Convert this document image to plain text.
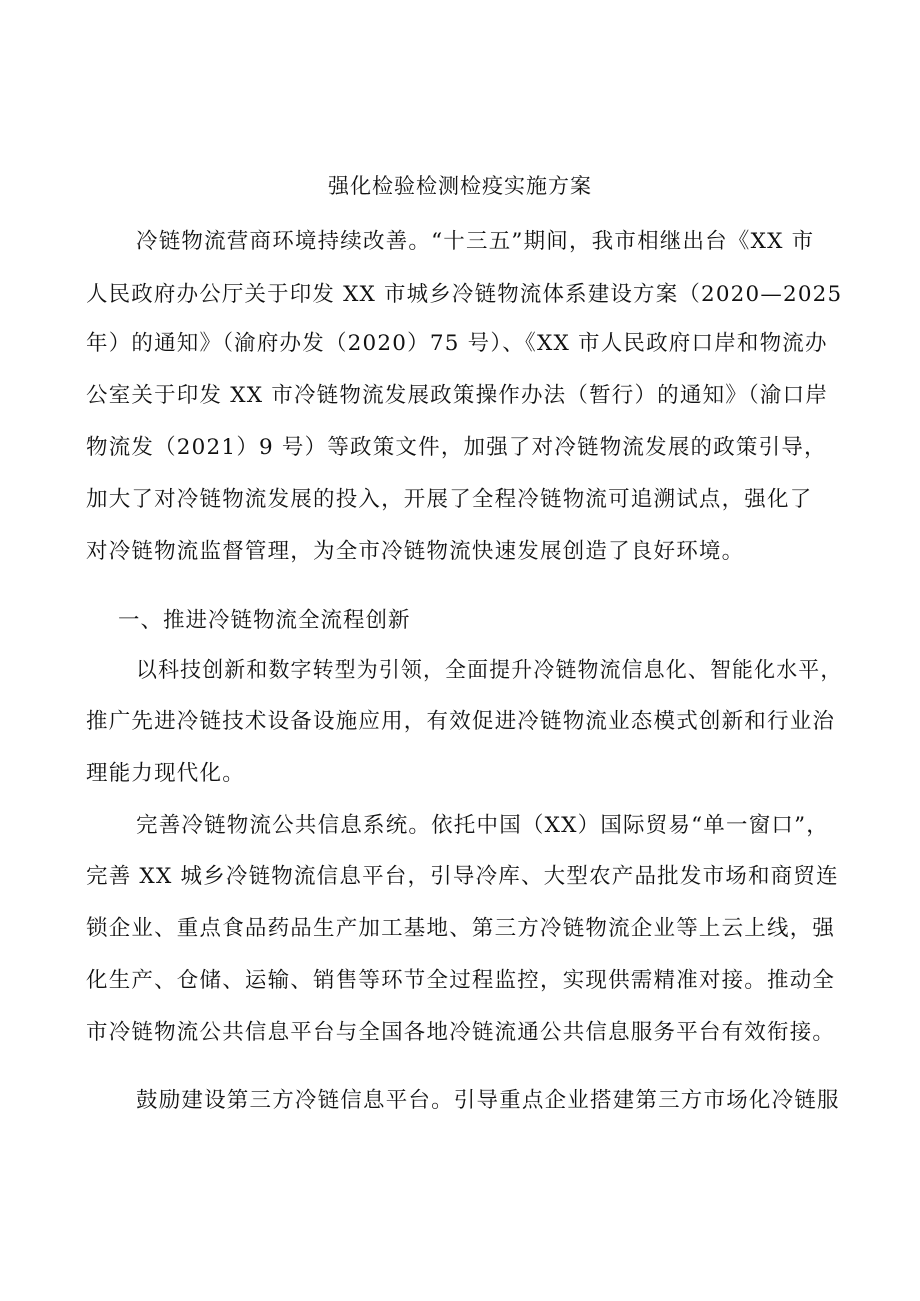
强化检验检测检疫实施方案
冷链物流营商环境持续改善。“十三五”期间，我市相继出台《XX 市
人民政府办公厅关于印发 XX 市城乡冷链物流体系建设方案（2020—2025
年）的通知》（渝府办发（2020）75 号）、《XX 市人民政府口岸和物流办
公室关于印发 XX 市冷链物流发展政策操作办法（暂行）的通知》（渝口岸
物流发（2021）9 号）等政策文件，加强了对冷链物流发展的政策引导，
加大了对冷链物流发展的投入，开展了全程冷链物流可追溯试点，强化了
对冷链物流监督管理，为全市冷链物流快速发展创造了良好环境。
一、推进冷链物流全流程创新
以科技创新和数字转型为引领，全面提升冷链物流信息化、智能化水平，
推广先进冷链技术设备设施应用，有效促进冷链物流业态模式创新和行业治
理能力现代化。
完善冷链物流公共信息系统。依托中国（XX）国际贸易“单一窗口”，
完善 XX 城乡冷链物流信息平台，引导冷库、大型农产品批发市场和商贸连
锁企业、重点食品药品生产加工基地、第三方冷链物流企业等上云上线，强
化生产、仓储、运输、销售等环节全过程监控，实现供需精准对接。推动全
市冷链物流公共信息平台与全国各地冷链流通公共信息服务平台有效衔接。
鼓励建设第三方冷链信息平台。引导重点企业搭建第三方市场化冷链服
